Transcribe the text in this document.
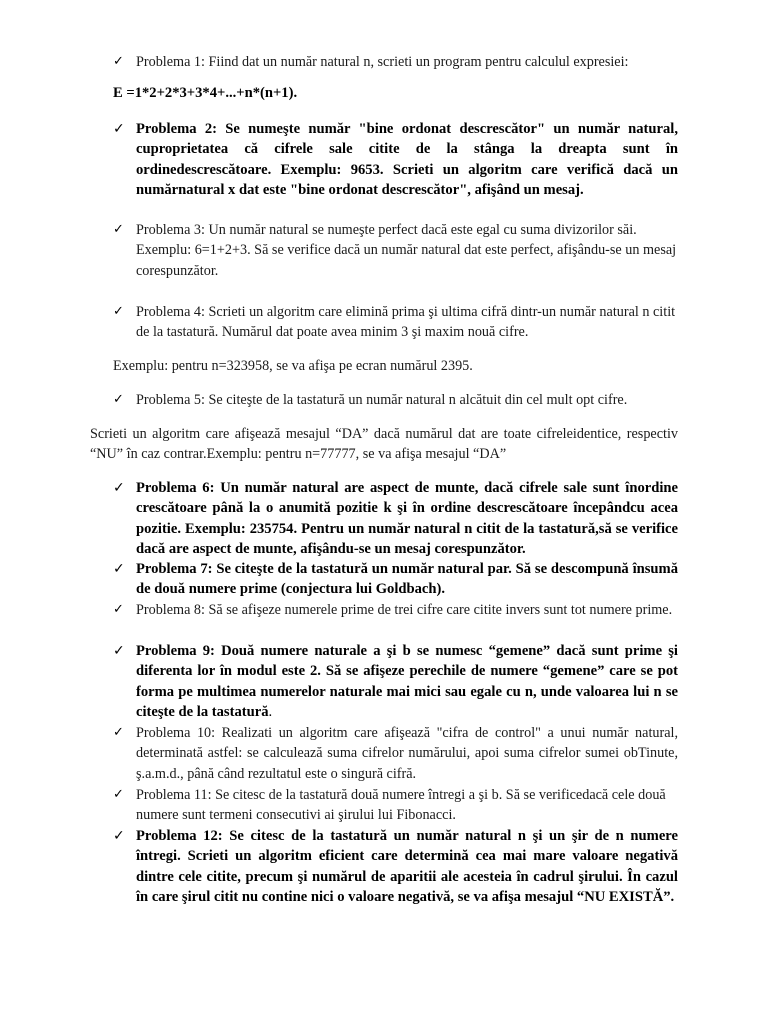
✓ Problema 1: Fiind dat un număr natural n, scrieti un program pentru calculul expresiei:
E =1*2+2*3+3*4+...+n*(n+1).
✓ Problema 2: Se numeşte număr "bine ordonat descrescător" un număr natural, cuproprietatea că cifrele sale citite de la stânga la dreapta sunt în ordinedescrescătoare. Exemplu: 9653. Scrieti un algoritm care verifică dacă un numărnatural x dat este "bine ordonat descrescător", afişând un mesaj.
✓ Problema 3: Un număr natural se numeşte perfect dacă este egal cu suma divizorilor săi. Exemplu: 6=1+2+3. Să se verifice dacă un număr natural dat este perfect, afişându-se un mesaj corespunzător.
✓ Problema 4: Scrieti un algoritm care elimină prima şi ultima cifră dintr-un număr natural n citit de la tastatură. Numărul dat poate avea minim 3 şi maxim nouă cifre.
Exemplu: pentru n=323958, se va afişa pe ecran numărul 2395.
✓ Problema 5: Se citeşte de la tastatură un număr natural n alcătuit din cel mult opt cifre.
Scrieti un algoritm care afişează mesajul “DA” dacă numărul dat are toate cifreleidentice, respectiv “NU” în caz contrar.Exemplu: pentru n=77777, se va afişa mesajul “DA”
✓ Problema 6: Un număr natural are aspect de munte, dacă cifrele sale sunt înordine crescătoare până la o anumită pozitie k şi în ordine descrescătoare începândcu acea pozitie. Exemplu: 235754. Pentru un număr natural n citit de la tastatură,să se verifice dacă are aspect de munte, afişându-se un mesaj corespunzător.
✓ Problema 7: Se citeşte de la tastatură un număr natural par. Să se descompună însumă de două numere prime (conjectura lui Goldbach).
✓ Problema 8: Să se afişeze numerele prime de trei cifre care citite invers sunt tot numere prime.
✓ Problema 9: Două numere naturale a şi b se numesc “gemene” dacă sunt prime şi diferenta lor în modul este 2. Să se afişeze perechile de numere “gemene” care se pot forma pe multimea numerelor naturale mai mici sau egale cu n, unde valoarea lui n se citeşte de la tastatură.
✓ Problema 10: Realizati un algoritm care afişează "cifra de control" a unui număr natural, determinată astfel: se calculează suma cifrelor numărului, apoi suma cifrelor sumei obTinute, ş.a.m.d., până când rezultatul este o singură cifră.
✓ Problema 11: Se citesc de la tastatură două numere întregi a şi b. Să se verificedacă cele două numere sunt termeni consecutivi ai şirului lui Fibonacci.
✓ Problema 12: Se citesc de la tastatură un număr natural n şi un şir de n numere întregi. Scrieti un algoritm eficient care determină cea mai mare valoare negativă dintre cele citite, precum şi numărul de aparitii ale acesteia în cadrul şirului. În cazul în care şirul citit nu contine nici o valoare negativă, se va afişa mesajul “NU EXISTĂ”.
